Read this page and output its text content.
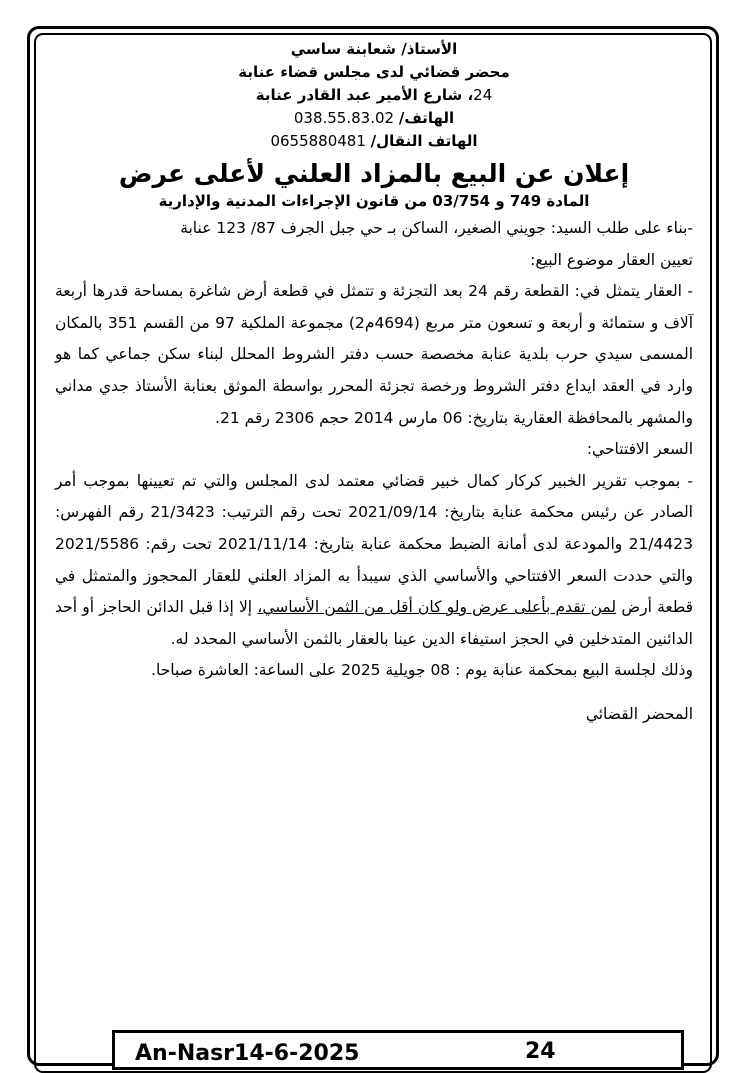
الأستاذ/ شعابنة ساسي
محضر قضائي لدى مجلس قضاء عنابة
24، شارع الأمير عبد القادر عنابة
الهاتف/ 038.55.83.02
الهاتف النقال/ 0655880481
إعلان عن البيع بالمزاد العلني لأعلى عرض
المادة 749 و 03/754 من قانون الإجراءات المدنية والإدارية

-بناء على طلب السيد: جويني الصغير، الساكن بـ حي جبل الجرف 87/ 123 عنابة

تعيين العقار موضوع البيع:

- العقار يتمثل في: القطعة رقم 24 بعد التجزئة و تتمثل في قطعة أرض شاغرة بمساحة قدرها أربعة آلاف و ستمائة و أربعة و تسعون متر مربع (4694م2) مجموعة الملكية 97 من القسم 351 بالمكان المسمى سيدي حرب بلدية عنابة مخصصة حسب دفتر الشروط المحلل لبناء سكن جماعي كما هو وارد في العقد ايداع دفتر الشروط ورخصة تجزئة المحرر بواسطة الموثق بعنابة الأستاذ جدي مداني والمشهر بالمحافظة العقارية بتاريخ: 06 مارس 2014 حجم 2306 رقم 21.

السعر الافتتاحي:

- بموجب تقرير الخبير كركار كمال خبير قضائي معتمد لدى المجلس والتي تم تعيينها بموجب أمر الصادر عن رئيس محكمة عنابة بتاريخ: 2021/09/14 تحت رقم الترتيب: 21/3423 رقم الفهرس: 21/4423 والمودعة لدى أمانة الضبط محكمة عنابة بتاريخ: 2021/11/14 تحت رقم: 2021/5586 والتي حددت السعر الافتتاحي والأساسي الذي سيبدأ به المزاد العلني للعقار المحجوز والمتمثل في قطعة أرض لمن تقدم بأعلى عرض ولو كان أقل من الثمن الأساسي، إلا إذا قبل الدائن الحاجز أو أحد الدائنين المتدخلين في الحجز استيفاء الدين عينا بالعقار بالثمن الأساسي المحدد له.

وذلك لجلسة البيع بمحكمة عنابة يوم : 08 جويلية 2025 على الساعة: العاشرة صباحا.

المحضر القضائي
An-Nasr14-6-2025	24
